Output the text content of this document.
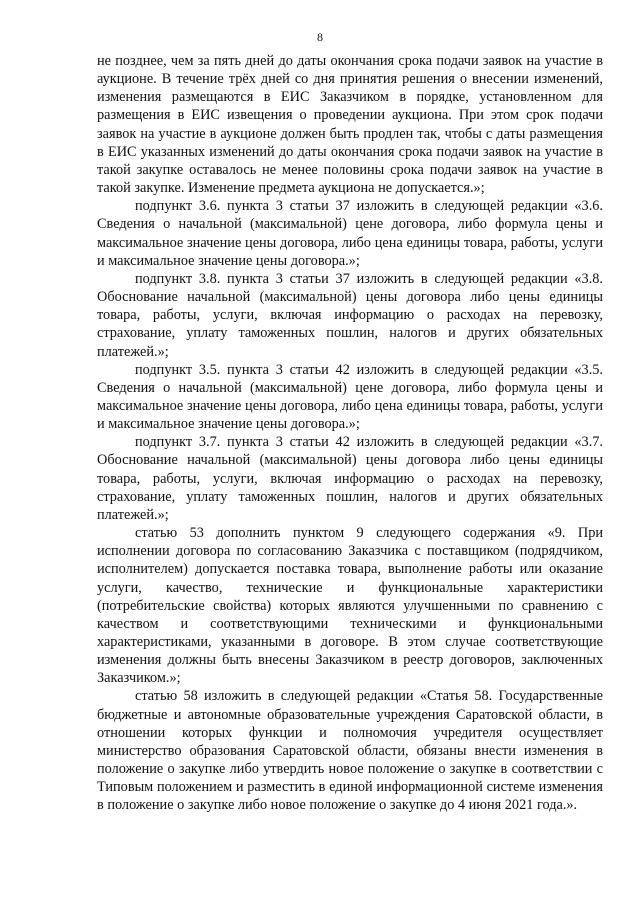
8

не позднее, чем за пять дней до даты окончания срока подачи заявок на участие в аукционе. В течение трёх дней со дня принятия решения о внесении изменений, изменения размещаются в ЕИС Заказчиком в порядке, установленном для размещения в ЕИС извещения о проведении аукциона. При этом срок подачи заявок на участие в аукционе должен быть продлен так, чтобы с даты размещения в ЕИС указанных изменений до даты окончания срока подачи заявок на участие в такой закупке оставалось не менее половины срока подачи заявок на участие в такой закупке. Изменение предмета аукциона не допускается.»;

подпункт 3.6. пункта 3 статьи 37 изложить в следующей редакции «3.6. Сведения о начальной (максимальной) цене договора, либо формула цены и максимальное значение цены договора, либо цена единицы товара, работы, услуги и максимальное значение цены договора.»;

подпункт 3.8. пункта 3 статьи 37 изложить в следующей редакции «3.8. Обоснование начальной (максимальной) цены договора либо цены единицы товара, работы, услуги, включая информацию о расходах на перевозку, страхование, уплату таможенных пошлин, налогов и других обязательных платежей.»;

подпункт 3.5. пункта 3 статьи 42 изложить в следующей редакции «3.5. Сведения о начальной (максимальной) цене договора, либо формула цены и максимальное значение цены договора, либо цена единицы товара, работы, услуги и максимальное значение цены договора.»;

подпункт 3.7. пункта 3 статьи 42 изложить в следующей редакции «3.7. Обоснование начальной (максимальной) цены договора либо цены единицы товара, работы, услуги, включая информацию о расходах на перевозку, страхование, уплату таможенных пошлин, налогов и других обязательных платежей.»;

статью 53 дополнить пунктом 9 следующего содержания «9. При исполнении договора по согласованию Заказчика с поставщиком (подрядчиком, исполнителем) допускается поставка товара, выполнение работы или оказание услуги, качество, технические и функциональные характеристики (потребительские свойства) которых являются улучшенными по сравнению с качеством и соответствующими техническими и функциональными характеристиками, указанными в договоре. В этом случае соответствующие изменения должны быть внесены Заказчиком в реестр договоров, заключенных Заказчиком.»;

статью 58 изложить в следующей редакции «Статья 58. Государственные бюджетные и автономные образовательные учреждения Саратовской области, в отношении которых функции и полномочия учредителя осуществляет министерство образования Саратовской области, обязаны внести изменения в положение о закупке либо утвердить новое положение о закупке в соответствии с Типовым положением и разместить в единой информационной системе изменения в положение о закупке либо новое положение о закупке до 4 июня 2021 года.».
